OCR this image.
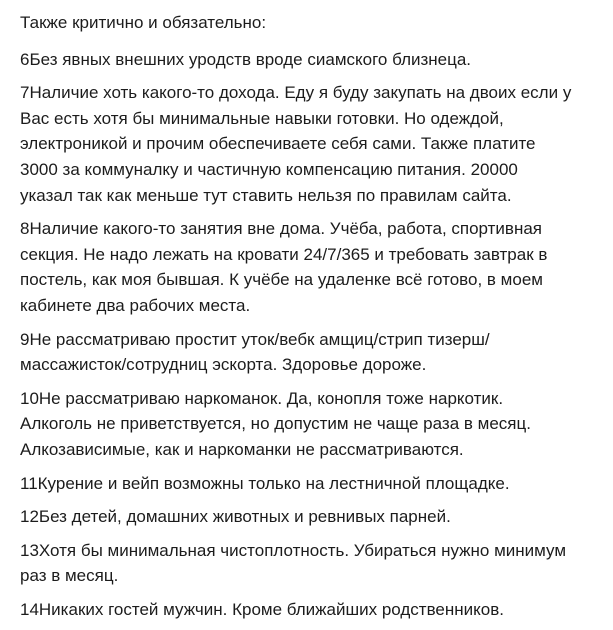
Также критично и обязательно:
6Без явных внешних уродств вроде сиамского близнеца.
7Наличие хоть какого-то дохода. Еду я буду закупать на двоих если у
Вас есть хотя бы минимальные навыки готовки. Но одеждой,
электроникой и прочим обеспечиваете себя сами. Также платите
3000 за коммуналку и частичную компенсацию питания. 20000
указал так как меньше тут ставить нельзя по правилам сайта.
8Наличие какого-то занятия вне дома. Учёба, работа, спортивная
секция. Не надо лежать на кровати 24/7/365 и требовать завтрак в
постель, как моя бывшая. К учёбе на удаленке всё готово, в моем
кабинете два рабочих места.
9Не рассматриваю простит уток/вебк амщиц/стрип тизерш/
массажисток/сотрудниц эскорта. Здоровье дороже.
10Не рассматриваю наркоманок. Да, конопля тоже наркотик.
Алкоголь не приветствуется, но допустим не чаще раза в месяц.
Алкозависимые, как и наркоманки не рассматриваются.
11Курение и вейп возможны только на лестничной площадке.
12Без детей, домашних животных и ревнивых парней.
13Хотя бы минимальная чистоплотность. Убираться нужно минимум
раз в месяц.
14Никаких гостей мужчин. Кроме ближайших родственников.
